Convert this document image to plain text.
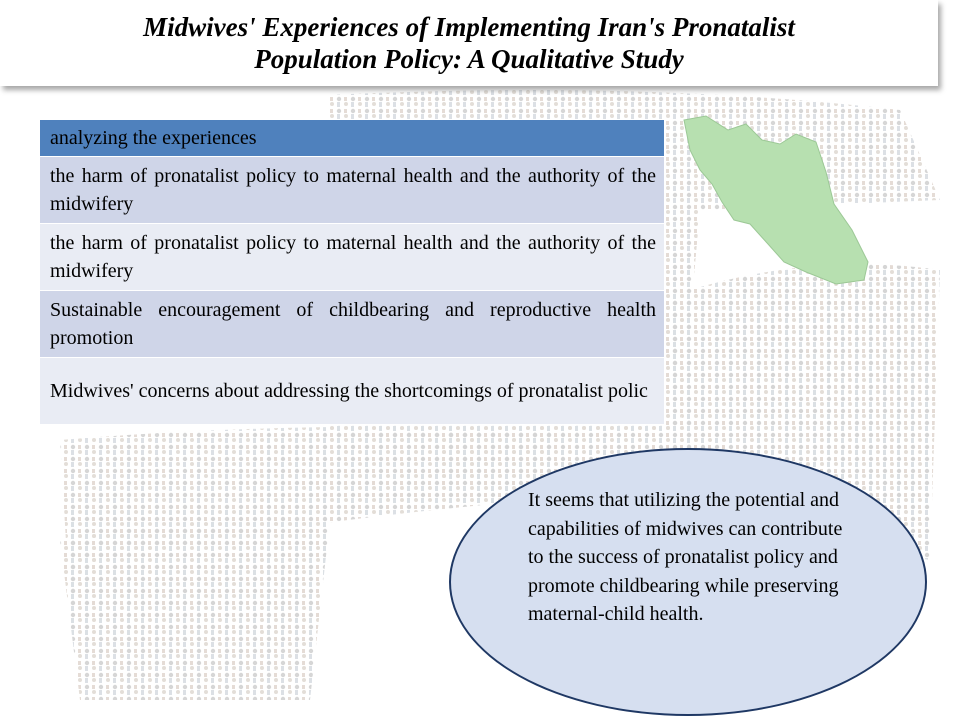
Midwives' Experiences of Implementing Iran's Pronatalist
Population Policy: A Qualitative Study
analyzing the experiences
the harm of pronatalist policy to maternal health and the authority of the midwifery
the harm of pronatalist policy to maternal health and the authority of the midwifery
Sustainable encouragement of childbearing and reproductive health promotion
Midwives' concerns about addressing the shortcomings of pronatalist polic
It seems that utilizing the potential and capabilities of midwives can contribute to the success of pronatalist policy and promote childbearing while preserving maternal-child health.
